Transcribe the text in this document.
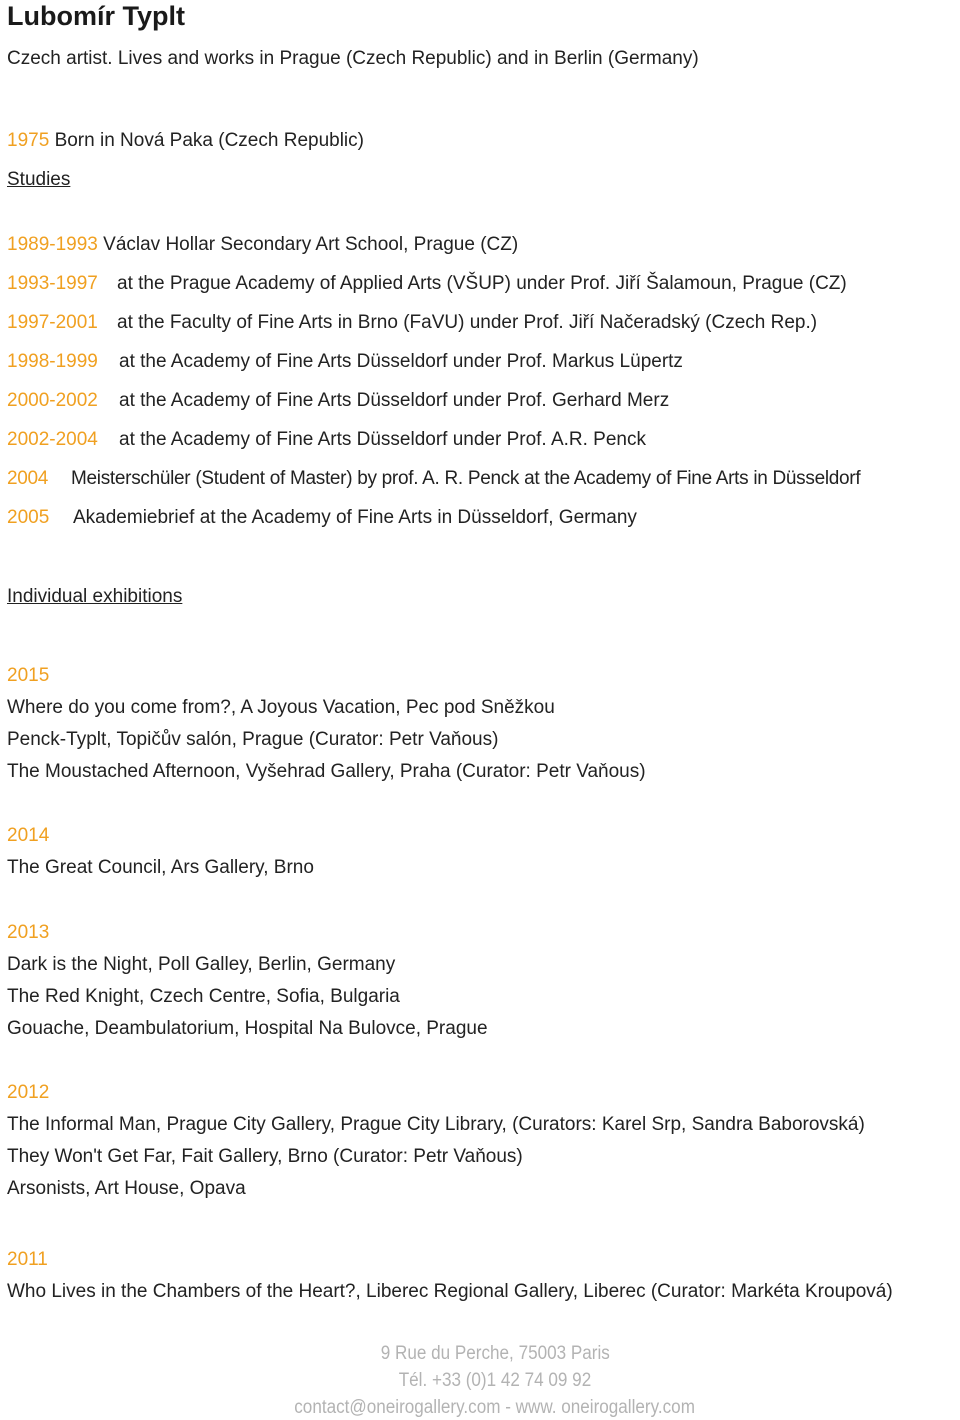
Lubomír Typlt
Czech artist. Lives and works in Prague (Czech Republic) and in Berlin (Germany)
1975 Born in Nová Paka (Czech Republic)
Studies
1989-1993 Václav Hollar Secondary Art School, Prague (CZ)
1993-1997 at the Prague Academy of Applied Arts (VŠUP) under Prof. Jiří Šalamoun, Prague (CZ)
1997-2001 at the Faculty of Fine Arts in Brno (FaVU) under Prof. Jiří Načeradský (Czech Rep.)
1998-1999 at the Academy of Fine Arts Düsseldorf under Prof. Markus Lüpertz
2000-2002 at the Academy of Fine Arts Düsseldorf under Prof. Gerhard Merz
2002-2004 at the Academy of Fine Arts Düsseldorf under Prof. A.R. Penck
2004 Meisterschüler (Student of Master) by prof. A. R. Penck at the Academy of Fine Arts in Düsseldorf
2005 Akademiebrief at the Academy of Fine Arts in Düsseldorf, Germany
Individual exhibitions
2015
Where do you come from?, A Joyous Vacation, Pec pod Sněžkou
Penck-Typlt, Topičův salón, Prague (Curator: Petr Vaňous)
The Moustached Afternoon, Vyšehrad Gallery, Praha (Curator: Petr Vaňous)
2014
The Great Council, Ars Gallery, Brno
2013
Dark is the Night, Poll Galley, Berlin, Germany
The Red Knight, Czech Centre, Sofia, Bulgaria
Gouache, Deambulatorium, Hospital Na Bulovce, Prague
2012
The Informal Man, Prague City Gallery, Prague City Library, (Curators: Karel Srp, Sandra Baborovská)
They Won't Get Far, Fait Gallery, Brno (Curator: Petr Vaňous)
Arsonists, Art House, Opava
2011
Who Lives in the Chambers of the Heart?, Liberec Regional Gallery, Liberec (Curator: Markéta Kroupová)
9 Rue du Perche, 75003 Paris
Tél. +33 (0)1 42 74 09 92
contact@oneirogallery.com - www. oneirogallery.com
